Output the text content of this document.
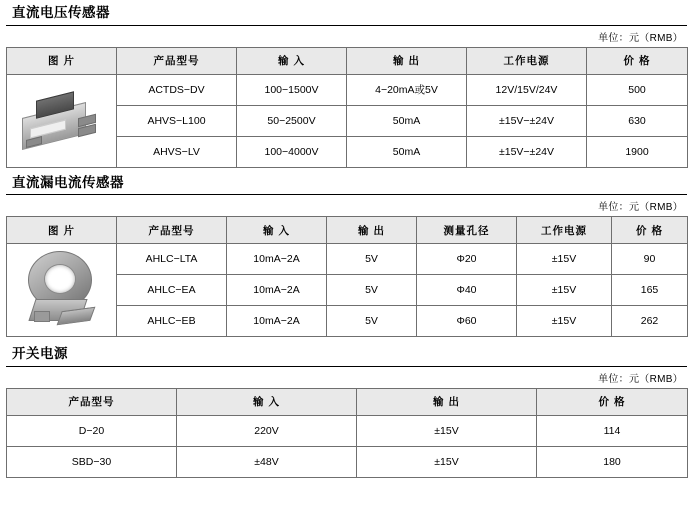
直流电压传感器
单位：元（RMB）
图 片	产品型号	输 入	输 出	工作电源	价 格

	ACTDS−DV	100−1500V	4−20mA或5V	12V/15V/24V	500
	AHVS−L100	50−2500V	50mA	±15V−±24V	630
	AHVS−LV	100−4000V	50mA	±15V−±24V	1900
直流漏电流传感器
单位：元（RMB）
图 片	产品型号	输 入	输 出	测量孔径	工作电源	价 格

	AHLC−LTA	10mA−2A	5V	Φ20	±15V	90
	AHLC−EA	10mA−2A	5V	Φ40	±15V	165
	AHLC−EB	10mA−2A	5V	Φ60	±15V	262
开关电源
单位：元（RMB）
产品型号	输 入	输 出	价 格
D−20	220V	±15V	114
SBD−30	±48V	±15V	180
